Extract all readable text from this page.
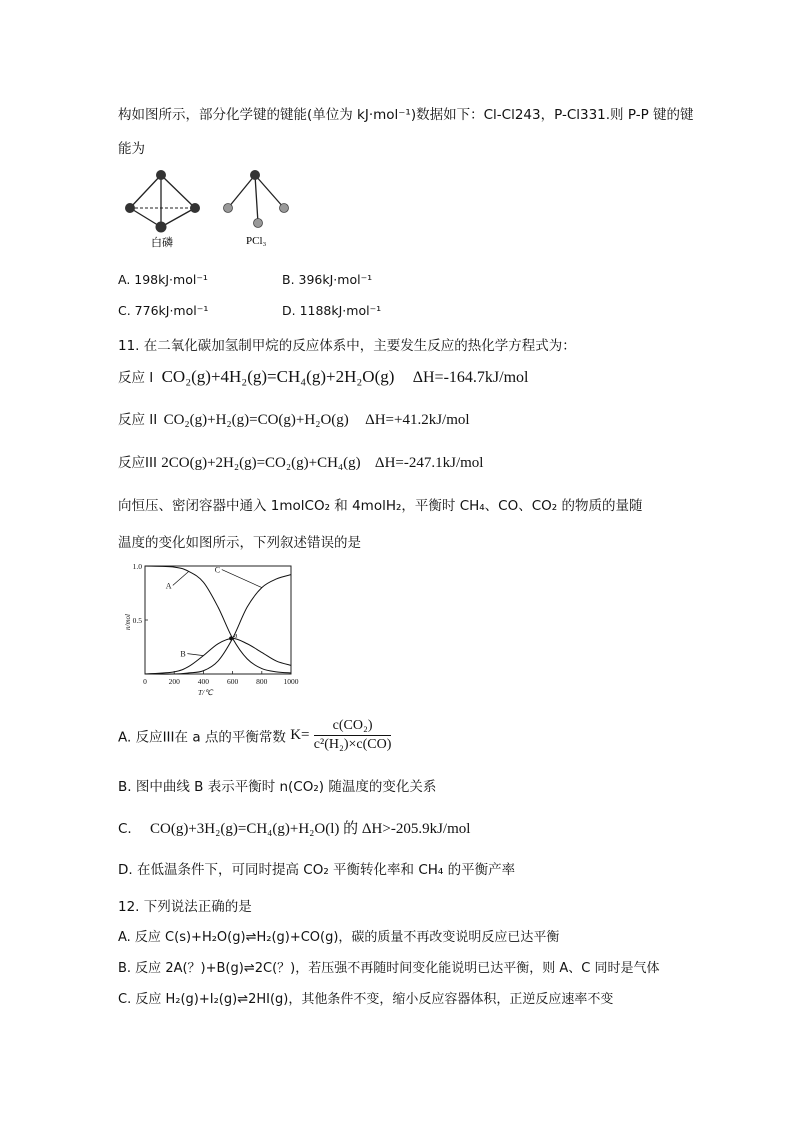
构如图所示，部分化学键的键能(单位为 kJ·mol⁻¹)数据如下：Cl-Cl243，P-Cl331.则 P-P 键的键
能为
白磷	PCl₃
A. 198kJ·mol⁻¹	B. 396kJ·mol⁻¹
C. 776kJ·mol⁻¹	D. 1188kJ·mol⁻¹
11. 在二氧化碳加氢制甲烷的反应体系中，主要发生反应的热化学方程式为：
反应 I CO₂(g)+4H₂(g)=CH₄(g)+2H₂O(g) ΔH=-164.7kJ/mol
反应 II CO₂(g)+H₂(g)=CO(g)+H₂O(g) ΔH=+41.2kJ/mol
反应III 2CO(g)+2H₂(g)=CO₂(g)+CH₄(g) ΔH=-247.1kJ/mol
向恒压、密闭容器中通入 1molCO₂ 和 4molH₂，平衡时 CH₄、CO、CO₂ 的物质的量随
温度的变化如图所示，下列叙述错误的是
0	200 400 600 800 1000
1.0
0.5
T/℃
n/mol
A
B
C
a
A. 反应III在 a 点的平衡常数 $K= \frac{\text{c(CO₂)}}{\text{c²(H₂)×c(CO)}}$
B. 图中曲线 B 表示平衡时 n(CO₂) 随温度的变化关系
C. CO(g)+3H₂(g)=CH₄(g)+H₂O(l) 的 ΔH>-205.9kJ/mol
D. 在低温条件下，可同时提高 CO₂ 平衡转化率和 CH₄ 的平衡产率
12. 下列说法正确的是
A. 反应 C(s)+H₂O(g)⇌H₂(g)+CO(g)，碳的质量不再改变说明反应已达平衡
B. 反应 2A(？)+B(g)⇌2C(？)，若压强不再随时间变化能说明已达平衡，则 A、C 同时是气体
C. 反应 H₂(g)+I₂(g)⇌2HI(g)，其他条件不变，缩小反应容器体积，正逆反应速率不变
